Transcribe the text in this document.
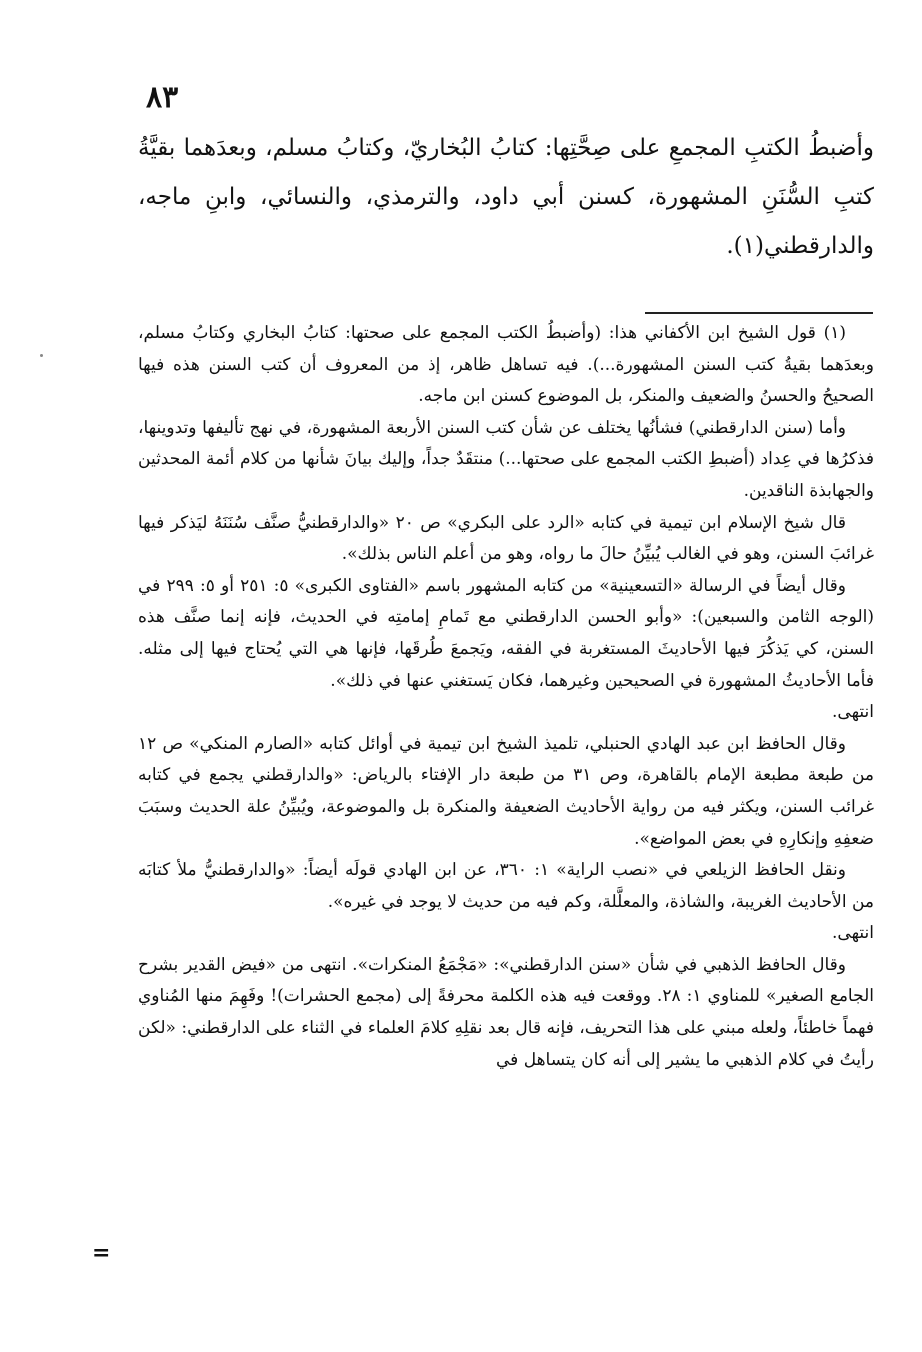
٨٣

وأضبطُ الكتبِ المجمعِ على صِحَّتِها: كتابُ البُخاريّ، وكتابُ مسلم، وبعدَهما بقيَّةُ كتبِ السُّنَنِ المشهورة، كسنن أبي داود، والترمذي، والنسائي، وابنِ ماجه، والدارقطني(١).

(١) قول الشيخ ابن الأكفاني هذا: (وأضبطُ الكتب المجمع على صحتها: كتابُ البخاري وكتابُ مسلم، وبعدَهما بقيةُ كتب السنن المشهورة...). فيه تساهل ظاهر، إذ من المعروف أن كتب السنن هذه فيها الصحيحُ والحسنُ والضعيف والمنكر، بل الموضوع كسنن ابن ماجه.

وأما (سنن الدارقطني) فشأنُها يختلف عن شأن كتب السنن الأربعة المشهورة، في نهج تأليفها وتدوينها، فذكرُها في عِداد (أضبطِ الكتب المجمع على صحتها...) منتقَدٌ جداً، وإليك بيانَ شأنها من كلام أئمة المحدثين والجهابذة الناقدين.

قال شيخ الإسلام ابن تيمية في كتابه «الرد على البكري» ص ٢٠ «والدارقطنيُّ صنَّف سُنَنَهُ ليَذكر فيها غرائبَ السنن، وهو في الغالب يُبيِّنُ حالَ ما رواه، وهو من أعلم الناس بذلك».

وقال أيضاً في الرسالة «التسعينية» من كتابه المشهور باسم «الفتاوى الكبرى» ٥: ٢٥١ أو ٥: ٢٩٩ في (الوجه الثامن والسبعين): «وأبو الحسن الدارقطني مع تَمامِ إمامتِه في الحديث، فإنه إنما صنَّف هذه السنن، كي يَذكُرَ فيها الأحاديثَ المستغربة في الفقه، ويَجمعَ طُرقَها، فإنها هي التي يُحتاج فيها إلى مثله. فأما الأحاديثُ المشهورة في الصحيحين وغيرهما، فكان يَستغني عنها في ذلك».

انتهى.

وقال الحافظ ابن عبد الهادي الحنبلي، تلميذ الشيخ ابن تيمية في أوائل كتابه «الصارم المنكي» ص ١٢ من طبعة مطبعة الإمام بالقاهرة، وص ٣١ من طبعة دار الإفتاء بالرياض: «والدارقطني يجمع في كتابه غرائب السنن، ويكثر فيه من رواية الأحاديث الضعيفة والمنكرة بل والموضوعة، ويُبيِّنُ علة الحديث وسبَبَ ضعفِهِ وإنكارِهِ في بعض المواضع».

ونقل الحافظ الزيلعي في «نصب الراية» ١: ٣٦٠، عن ابن الهادي قولَه أيضاً: «والدارقطنيُّ ملأ كتابَه من الأحاديث الغريبة، والشاذة، والمعلَّلة، وكم فيه من حديث لا يوجد في غيره».

انتهى.

وقال الحافظ الذهبي في شأن «سنن الدارقطني»: «مَجْمَعُ المنكرات». انتهى من «فيض القدير بشرح الجامع الصغير» للمناوي ١: ٢٨. ووقعت فيه هذه الكلمة محرفةً إلى (مجمع الحشرات)! وفَهِمَ منها المُناوي فهماً خاطئاً، ولعله مبني على هذا التحريف، فإنه قال بعد نقلِهِ كلامَ العلماء في الثناء على الدارقطني: «لكن رأيتُ في كلام الذهبي ما يشير إلى أنه كان يتساهل في

=
